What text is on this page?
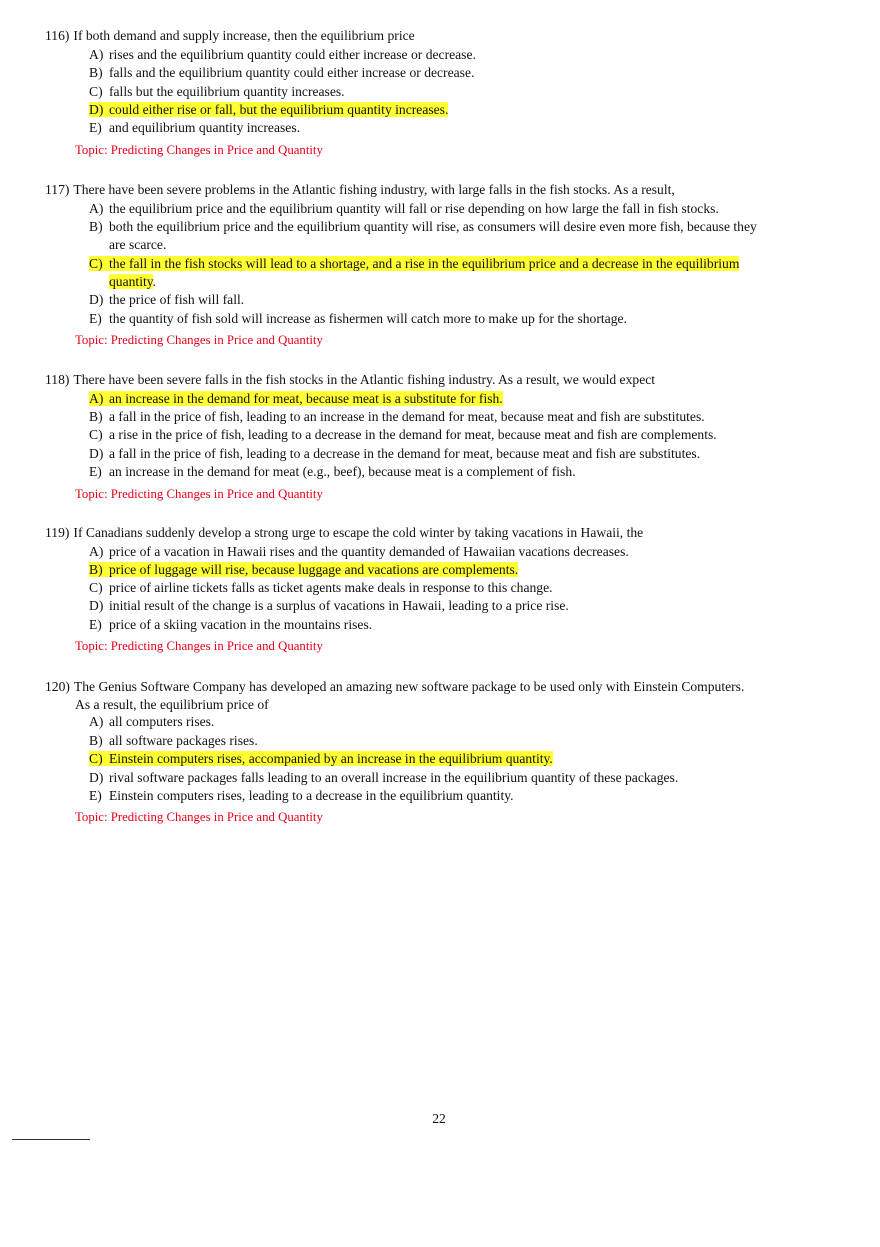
116) If both demand and supply increase, then the equilibrium price
A) rises and the equilibrium quantity could either increase or decrease.
B) falls and the equilibrium quantity could either increase or decrease.
C) falls but the equilibrium quantity increases.
D) could either rise or fall, but the equilibrium quantity increases.
E) and equilibrium quantity increases.
Topic: Predicting Changes in Price and Quantity
117) There have been severe problems in the Atlantic fishing industry, with large falls in the fish stocks. As a result,
A) the equilibrium price and the equilibrium quantity will fall or rise depending on how large the fall in fish stocks.
B) both the equilibrium price and the equilibrium quantity will rise, as consumers will desire even more fish, because they
are scarce.
C) the fall in the fish stocks will lead to a shortage, and a rise in the equilibrium price and a decrease in the equilibrium
quantity.
D) the price of fish will fall.
E) the quantity of fish sold will increase as fishermen will catch more to make up for the shortage.
Topic: Predicting Changes in Price and Quantity
118) There have been severe falls in the fish stocks in the Atlantic fishing industry. As a result, we would expect
A) an increase in the demand for meat, because meat is a substitute for fish.
B) a fall in the price of fish, leading to an increase in the demand for meat, because meat and fish are substitutes.
C) a rise in the price of fish, leading to a decrease in the demand for meat, because meat and fish are complements.
D) a fall in the price of fish, leading to a decrease in the demand for meat, because meat and fish are substitutes.
E) an increase in the demand for meat (e.g., beef), because meat is a complement of fish.
Topic: Predicting Changes in Price and Quantity
119) If Canadians suddenly develop a strong urge to escape the cold winter by taking vacations in Hawaii, the
A) price of a vacation in Hawaii rises and the quantity demanded of Hawaiian vacations decreases.
B) price of luggage will rise, because luggage and vacations are complements.
C) price of airline tickets falls as ticket agents make deals in response to this change.
D) initial result of the change is a surplus of vacations in Hawaii, leading to a price rise.
E) price of a skiing vacation in the mountains rises.
Topic: Predicting Changes in Price and Quantity
120) The Genius Software Company has developed an amazing new software package to be used only with Einstein Computers.
As a result, the equilibrium price of
A) all computers rises.
B) all software packages rises.
C) Einstein computers rises, accompanied by an increase in the equilibrium quantity.
D) rival software packages falls leading to an overall increase in the equilibrium quantity of these packages.
E) Einstein computers rises, leading to a decrease in the equilibrium quantity.
Topic: Predicting Changes in Price and Quantity
22
